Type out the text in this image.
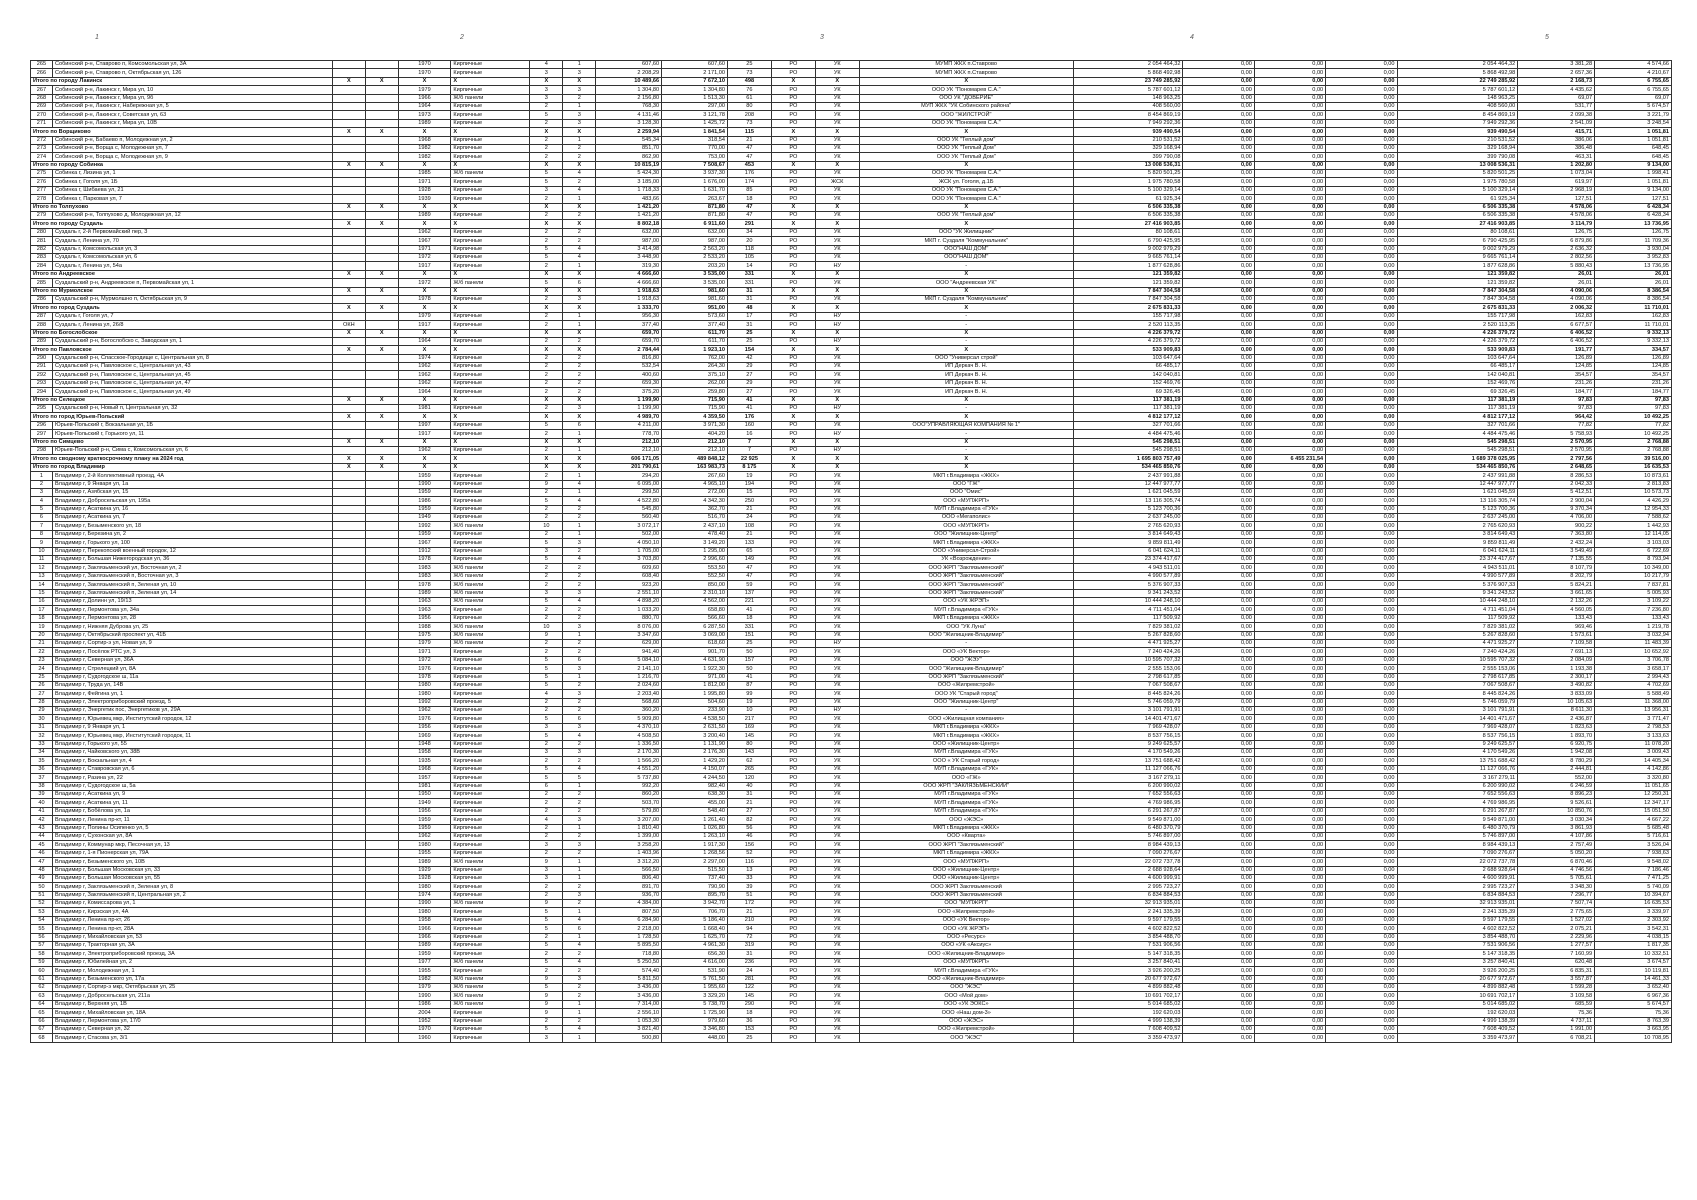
1	2	3	4	5
265	Собинский р-н, Ставрово п, Комсомольская ул, 3А			1970	Кирпичные	4	1	607,60	607,60	25	РО	УК	МУМП ЖКХ п.Ставрово	2 054 464,32	0,00	0,00	0,00	2 054 464,32	3 381,28	4 574,66
266	Собинский р-н, Ставрово п, Октябрьская ул, 126			1970	Кирпичные	3	3	2 208,29	2 171,00	73	РО	УК	МУМП ЖКХ п.Ставрово	5 868 492,98	0,00	0,00	0,00	5 868 492,98	2 657,36	4 210,67
Итого по городу Лакинск		X	X	X	X	X	X	10 489,66	7 672,10	498	X	X	X	23 749 285,92	0,00	0,00	0,00	22 749 285,92	2 168,73	6 755,65
267	Собинский р-н, Лакинск г, Мира ул, 10			1979	Кирпичные	3	3	1 304,80	1 304,80	76	РО	УК	ООО УК "Пономарев С.А."	5 787 601,12	0,00	0,00	0,00	5 787 601,12	4 435,62	6 755,65
268	Собинский р-н, Лакинск г, Мира ул, 9б			1966	Ж/б панели	3	2	2 156,80	1 513,30	61	РО	УК	ООО УК "ДОВЕРИЕ"	148 963,25	0,00	0,00	0,00	148 963,25	69,07	69,07
269	Собинский р-н, Лакинск г, Набережная ул, 5			1964	Кирпичные	2	1	768,30	297,00	80	РО	УК	МУП ЖКХ "УК Собинского района"	408 560,00	0,00	0,00	0,00	408 560,00	531,77	5 674,57
270	Собинский р-н, Лакинск г, Советская ул, 63			1973	Кирпичные	5	3	4 131,46	3 121,78	208	РО	УК	ООО "ЖИЛСТРОЙ"	8 454 869,19	0,00	0,00	0,00	8 454 869,19	2 099,38	3 221,79
271	Собинский р-н, Лакинск г, Мира ул, 10В			1989	Кирпичные	2	3	3 128,30	1 425,72	73	РО	УК	ООО УК "Пономарев С.А."	7 949 292,36	0,00	0,00	0,00	7 949 292,36	2 541,09	3 248,54
Итого по Ворщиково		X	X	X	X	X	X	2 259,94	1 841,54	115	X	X	X	939 490,54	0,00	0,00	0,00	939 490,54	415,71	1 051,81
272	Собинский р-н, Бабаево п, Молодежная ул, 2			1968	Кирпичные	2	1	545,34	318,54	21	РО	УК	ООО УК "Теплый дом"	210 531,52	0,00	0,00	0,00	210 531,52	386,06	1 051,81
273	Собинский р-н, Ворща с, Молодежная ул, 7			1982	Кирпичные	2	2	851,70	770,00	47	РО	УК	ООО УК "Теплый Дом"	329 168,94	0,00	0,00	0,00	329 168,94	386,48	648,45
274	Собинский р-н, Ворща с, Молодежная ул, 9			1982	Кирпичные	2	2	862,90	753,00	47	РО	УК	ООО УК "Теплый Дом"	399 790,08	0,00	0,00	0,00	399 790,08	463,31	648,45
Итого по городу Собинка		X	X	X	X	X	X	10 815,19	7 508,67	453	X	X	X	13 008 536,31	0,00	0,00	0,00	13 008 536,31	1 202,80	9 134,00
275	Собинка г, Лизина ул, 1			1985	Ж/б панели	5	4	5 424,30	3 937,30	176	РО	УК	ООО УК "Пономарев С.А."	5 820 501,25	0,00	0,00	0,00	5 820 501,25	1 073,04	1 998,41
276	Собинка г, Гоголя ул, 1Б			1971	Кирпичные	5	2	3 185,00	1 676,00	174	РО	ЖСК	ЖСК ул. Гоголя, д.1Б	1 975 780,58	0,00	0,00	0,00	1 975 780,58	619,97	1 051,81
277	Собинка г, Шибаева ул, 21			1928	Кирпичные	3	4	1 718,33	1 631,70	85	РО	УК	ООО УК "Пономарев С.А."	5 100 329,14	0,00	0,00	0,00	5 100 329,14	2 968,19	9 134,00
278	Собинка г, Парковая ул, 7			1939	Кирпичные	2	1	483,66	263,67	18	РО	УК	ООО УК "Пономарев С.А."	61 925,34	0,00	0,00	0,00	61 925,34	127,51	127,51
Итого по Толпухово		X	X	X	X	X	X	1 421,20	871,80	47	X	X	X	6 506 335,38	0,00	0,00	0,00	6 506 335,38	4 578,06	6 428,34
279	Собинский р-н, Толпухово д, Молодежная ул, 12			1989	Кирпичные	2	2	1 421,20	871,80	47	РО	УК	ООО УК "Теплый дом"	6 506 335,38	0,00	0,00	0,00	6 506 335,38	4 578,06	6 428,34
Итого по городу Суздаль		X	X	X	X	X	X	8 802,18	6 911,60	291	X	X	X	27 416 903,85	0,00	0,00	0,00	27 416 903,85	3 114,79	13 736,95
280	Суздаль г, 2-й Первомайский пер, 3			1962	Кирпичные	2	2	632,00	632,00	34	РО	УК	ООО "УК Жилищник"	80 108,61	0,00	0,00	0,00	80 108,61	126,75	126,75
281	Суздаль г, Ленина ул, 70			1967	Кирпичные	2	2	987,00	987,00	20	РО	УК	МКП г. Суздаля "Коммунальник"	6 790 425,95	0,00	0,00	0,00	6 790 425,95	6 879,86	11 709,36
282	Суздаль г, Комсомольская ул, 3			1971	Кирпичные	5	4	3 414,98	2 563,20	118	РО	УК	ООО"НАШ ДОМ"	9 002 979,29	0,00	0,00	0,00	9 002 979,29	2 636,32	3 930,04
283	Суздаль г, Комсомольская ул, 6			1972	Кирпичные	5	4	3 448,90	2 533,20	105	РО	УК	ООО"НАШ ДОМ"	9 665 761,14	0,00	0,00	0,00	9 665 761,14	2 802,56	3 952,83
284	Суздаль г, Ленина ул, 54а			1917	Кирпичные	2	1	319,30	203,20	14	РО	НУ	-	1 877 628,86	0,00	0,00	0,00	1 877 628,86	5 880,43	13 736,95
Итого по Андреевское		X	X	X	X	X	X	4 666,60	3 535,00	331	X	X	X	121 359,82	0,00	0,00	0,00	121 359,82	26,01	26,01
285	Суздальский р-н, Андреевское п, Первомайская ул, 1			1972	Ж/б панели	5	6	4 666,60	3 535,00	331	РО	УК	ООО "Андреевская УК"	121 359,82	0,00	0,00	0,00	121 359,82	26,01	26,01
Итого по Мурмолское		X	X	X	X	X	X	1 918,63	981,60	31	X	X	X	7 847 304,58	0,00	0,00	0,00	7 847 304,58	4 090,06	8 386,54
286	Суздальский р-н, Мурмолшно п, Октябрьская ул, 9			1978	Кирпичные	2	3	1 918,63	981,60	31	РО	УК	МКП г. Суздаля "Коммунальник"	7 847 304,58	0,00	0,00	0,00	7 847 304,58	4 090,06	8 386,54
Итого по город Суздаль		X	X	X	X	X	X	1 333,70	951,00	48	X	X	X	2 675 831,33	0,00	0,00	0,00	2 675 831,33	2 006,32	11 710,01
287	Суздаль г, Гоголя ул, 7			1979	Кирпичные	2	1	956,30	573,60	17	РО	НУ	-	155 717,98	0,00	0,00	0,00	155 717,98	162,83	162,83
288	Суздаль г, Ленина ул, 26/8	ОКН		1917	Кирпичные	2	1	377,40	377,40	31	РО	НУ	-	2 520 113,35	0,00	0,00	0,00	2 520 113,35	6 677,57	11 710,01
Итого по Богослобское		X	X	X	X	X	X	659,70	611,70	25	X	X	X	4 226 379,72	0,00	0,00	0,00	4 226 379,72	6 406,52	9 332,13
289	Суздальский р-н, Богослобско с, Заводская ул, 1			1964	Кирпичные	2	2	659,70	611,70	25	РО	НУ	-	4 226 379,72	0,00	0,00	0,00	4 226 379,72	6 406,52	9 332,13
Итого по Павловское		X	X	X	X	X	X	2 784,44	1 923,10	154	X	X	X	533 909,83	0,00	0,00	0,00	533 909,83	191,77	334,57
290	Суздальский р-н, Спасское-Городище с, Центральная ул, 8			1974	Кирпичные	2	2	816,80	762,00	42	РО	УК	ООО "Универсал строй"	103 647,64	0,00	0,00	0,00	103 647,64	126,89	126,89
291	Суздальский р-н, Павловское с, Центральная ул, 43			1962	Кирпичные	2	2	532,54	264,30	29	РО	УК	ИП Деркач В. Н.	66 485,17	0,00	0,00	0,00	66 485,17	124,85	124,85
292	Суздальский р-н, Павловское с, Центральная ул, 45			1962	Кирпичные	2	2	400,60	375,10	27	РО	УК	ИП Деркач В. Н.	142 040,81	0,00	0,00	0,00	142 040,81	354,57	354,57
293	Суздальский р-н, Павловское с, Центральная ул, 47			1962	Кирпичные	2	2	659,30	262,00	29	РО	УК	ИП Деркач В. Н.	152 469,76	0,00	0,00	0,00	152 469,76	231,26	231,26
294	Суздальский р-н, Павловское с, Центральная ул, 49			1964	Кирпичные	2	2	375,20	259,80	27	РО	УК	ИП Деркач В. Н.	69 326,45	0,00	0,00	0,00	69 326,45	184,77	184,77
Итого по Селецкое		X	X	X	X	X	X	1 199,90	715,90	41	X	X	X	117 381,19	0,00	0,00	0,00	117 381,19	97,83	97,83
295	Суздальский р-н, Новый п, Центральная ул, 32			1981	Кирпичные	2	3	1 199,90	715,90	41	РО	НУ	-	117 381,19	0,00	0,00	0,00	117 381,19	97,83	97,83
Итого по город Юрьев-Польский		X	X	X	X	X	X	4 989,70	4 359,50	176	X	X	X	4 812 177,12	0,00	0,00	0,00	4 812 177,12	964,42	10 492,25
296	Юрьев-Польский г, Вокзальная ул, 1Б			1997	Кирпичные	5	6	4 211,00	3 971,30	160	РО	УК	ООО"УПРАВЛЯЮЩАЯ КОМПАНИЯ № 1"	327 701,66	0,00	0,00	0,00	327 701,66	77,82	77,82
297	Юрьев-Польский г, Горького ул, 11			1917	Кирпичные	2	1	778,70	404,20	16	РО	НУ	-	4 484 475,46	0,00	0,00	0,00	4 484 475,46	5 758,93	10 492,25
Итого по Симцево		X	X	X	X	X	X	212,10	212,10	7	X	X	X	545 298,51	0,00	0,00	0,00	545 298,51	2 570,95	2 768,88
298	Юрьев-Польский р-н, Сима с, Комсомольская ул, 6			1962	Кирпичные	2	1	212,10	212,10	7	РО	НУ	-	545 298,51	0,00	0,00	0,00	545 298,51	2 570,95	2 768,88
Итого по сводному краткосрочному плану на 2024 год		X	X	X	X	X	X	606 171,05	489 848,12	22 925	X	X	X	1 695 803 757,49	0,00	6 455 231,54	0,00	1 689 378 025,95	2 797,56	39 516,00
Итого по город Владимир		X	X	X	X	X	X	201 790,61	163 983,73	8 175	X	X	X	534 465 850,76	0,00	0,00	0,00	534 465 850,76	2 648,65	16 635,53
1	Владимир г, 2-й Коллективный проезд, 4А			1959	Кирпичные	2	1	294,20	267,60	19	РО	УК	МКП г.Владимира «ЖКХ»	2 437 991,88	0,00	0,00	0,00	2 437 991,88	8 286,53	10 873,61
2	Владимир г, 9 Января ул, 1а			1990	Кирпичные	9	4	6 095,00	4 965,10	194	РО	УК	ООО "ГЖ"	12 447 977,77	0,00	0,00	0,00	12 447 977,77	2 042,33	2 813,83
3	Владимир г, Азябская ул, 15			1959	Кирпичные	2	1	299,50	272,00	15	РО	УК	ООО "Омис"	1 621 045,59	0,00	0,00	0,00	1 621 045,59	5 412,51	10 573,73
4	Владимир г, Добросельская ул, 195а			1986	Кирпичные	5	4	4 522,80	4 342,30	250	РО	УК	ООО «МУПЖРП»	13 116 305,74	0,00	0,00	0,00	13 116 305,74	2 900,04	4 426,29
5	Владимир г, Асаткина ул, 16			1959	Кирпичные	2	2	545,80	362,70	21	РО	УК	МУП г.Владимира «ГУК»	5 123 700,36	0,00	0,00	0,00	5 123 700,36	9 370,34	12 954,33
6	Владимир г, Асаткина ул, 7			1949	Кирпичные	2	2	560,40	516,70	24	РО	УК	ООО «Мегаполис»	2 637 245,00	0,00	0,00	0,00	2 637 245,00	4 706,00	7 588,62
7	Владимир г, Безыменского ул, 18			1992	Ж/б панели	10	1	3 072,17	2 437,10	108	РО	УК	ООО «МУПЖРП»	2 765 620,93	0,00	0,00	0,00	2 765 620,93	900,22	1 442,93
8	Владимир г, Березина ул, 2			1959	Кирпичные	2	1	502,00	478,40	21	РО	УК	ООО "Жилищник-Центр"	3 814 649,43	0,00	0,00	0,00	3 814 649,43	7 363,80	12 114,05
9	Владимир г, Горького ул, 100			1967	Кирпичные	5	3	4 050,10	3 149,20	133	РО	УК	МКП г.Владимира «ЖКХ»	9 859 811,49	0,00	0,00	0,00	9 859 811,49	2 432,24	3 103,03
10	Владимир г, Перекопский военный городок, 12			1912	Кирпичные	3	2	1 705,00	1 295,00	65	РО	УК	ООО «Универсал-Строй»	6 041 624,11	0,00	0,00	0,00	6 041 624,11	3 549,49	6 722,69
11	Владимир г, Большая Нижегородская ул, 36			1978	Кирпичные	5	4	3 703,80	2 996,60	149	РО	УК	УК «Возрождение»	23 374 417,67	0,00	0,00	0,00	23 374 417,67	7 135,55	8 793,94
12	Владимир г, Заклязьменский ул, Восточная ул, 2			1983	Ж/б панели	2	2	609,60	553,50	47	РО	УК	ООО ЖРП "Заклязьменский"	4 943 511,01	0,00	0,00	0,00	4 943 511,01	8 107,79	10 349,00
13	Владимир г, Заклязьменский п, Восточная ул, 3			1983	Ж/б панели	2	2	608,40	552,50	47	РО	УК	ООО ЖРП "Заклязьменский"	4 990 577,89	0,00	0,00	0,00	4 990 577,89	8 202,79	10 217,79
14	Владимир г, Заклязьменский п, Зеленая ул, 10			1978	Ж/б панели	2	2	923,20	850,00	59	РО	УК	ООО ЖРП "Заклязьменский"	5 376 907,33	0,00	0,00	0,00	5 376 907,33	5 824,21	7 837,81
15	Владимир г, Заклязьменский п, Зеленая ул, 14			1989	Ж/б панели	3	3	2 551,10	2 310,10	137	РО	УК	ООО ЖРП "Заклязьменский"	9 341 243,52	0,00	0,00	0,00	9 341 243,52	3 661,65	5 005,93
16	Владимир г, Долинн ул, 19/13			1963	Ж/б панели	5	4	4 898,20	4 562,00	221	РО	УК	ООО «УК ЖРЭП»	10 444 248,10	0,00	0,00	0,00	10 444 248,10	2 132,26	3 109,22
17	Владимир г, Лермонтова ул, 34а			1963	Кирпичные	2	2	1 033,20	658,80	41	РО	УК	МУП г.Владимира «ГУК»	4 711 451,04	0,00	0,00	0,00	4 711 451,04	4 560,05	7 236,80
18	Владимир г, Лермонтова ул, 28			1956	Кирпичные	2	2	880,70	566,60	18	РО	УК	МКП г.Владимира «ЖКХ»	117 509,92	0,00	0,00	0,00	117 509,92	133,43	133,43
19	Владимир г, Нижняя Дуброва ул, 25			1988	Ж/б панели	10	3	8 076,00	6 287,50	331	РО	УК	ООО "УК Луна"	7 829 381,02	0,00	0,00	0,00	7 829 381,02	969,46	1 219,78
20	Владимир г, Октябрьский проспект ул, 41Б			1975	Ж/б панели	9	1	3 347,60	3 069,00	151	РО	УК	ООО "Жилищник-Владимир"	5 267 828,60	0,00	0,00	0,00	5 267 828,60	1 573,61	3 032,94
21	Владимир г, Сортир-э ул, Новая ул, 9			1979	Ж/б панели	2	2	629,00	618,60	25	РО	НУ	-	4 471 925,27	0,00	0,00	0,00	4 471 925,27	7 109,58	11 483,39
22	Владимир г, Посёлок РТС ул, 3			1971	Кирпичные	2	2	941,40	901,70	50	РО	УК	ООО «УК Вектор»	7 240 424,26	0,00	0,00	0,00	7 240 424,26	7 691,13	10 652,92
23	Владимир г, Северная ул, 36А			1972	Кирпичные	5	6	5 084,10	4 631,90	157	РО	УК	ООО "ЖЭУ"	10 595 707,32	0,00	0,00	0,00	10 595 707,32	2 084,09	3 706,78
24	Владимир г, Стрелецкий ул, 8А			1976	Кирпичные	5	3	2 141,10	1 922,30	50	РО	УК	ООО "Жилищник-Владимир"	2 555 153,06	0,00	0,00	0,00	2 555 153,06	1 193,38	3 658,17
25	Владимир г, Судогодское ш, 11а			1978	Кирпичные	5	1	1 216,70	971,00	41	РО	УК	ООО ЖРП "Заклязьменский"	2 798 617,85	0,00	0,00	0,00	2 798 617,85	2 300,17	2 994,43
26	Владимир г, Труда ул, 14В			1980	Кирпичные	5	2	2 024,60	1 812,00	87	РО	УК	ООО «Жилремстрой»	7 067 508,67	0,00	0,00	0,00	7 067 508,67	3 490,82	4 702,69
27	Владимир г, Фейгина ул, 1			1980	Кирпичные	4	3	2 203,40	1 995,80	99	РО	УК	ООО УК "Старый город"	8 445 824,26	0,00	0,00	0,00	8 445 824,26	3 833,09	5 588,49
28	Владимир г, Электроприборовский проезд, 5			1992	Кирпичные	2	2	568,60	504,60	19	РО	УК	ООО "Жилищник-Центр"	5 746 059,79	0,00	0,00	0,00	5 746 059,79	10 105,63	11 368,00
29	Владимир г, Энергетик пос, Энергетиков ул, 29А			1962	Кирпичные	2	2	360,20	233,90	10	РО	НУ	-	3 101 791,91	0,00	0,00	0,00	3 101 791,91	8 611,30	13 956,31
30	Владимир г, Юрьевец мкр, Институтский городок, 12			1976	Кирпичные	5	6	5 909,80	4 538,50	217	РО	УК	ООО «Жилищная компания»	14 401 471,67	0,00	0,00	0,00	14 401 471,67	2 436,87	3 771,47
31	Владимир г, 9 Января ул, 1			1956	Кирпичные	3	3	4 370,10	2 631,50	169	РО	УК	МКП г.Владимира «ЖКХ»	7 969 428,07	0,00	0,00	0,00	7 969 428,07	1 823,63	2 798,53
32	Владимир г, Юрьевец мкр, Институтский городок, 11			1969	Кирпичные	5	4	4 508,50	3 200,40	145	РО	УК	МКП г.Владимира «ЖКХ»	8 537 756,15	0,00	0,00	0,00	8 537 756,15	1 893,70	3 133,63
33	Владимир г, Горького ул, 55			1948	Кирпичные	2	2	1 336,50	1 131,90	80	РО	УК	ООО «Жилищник-Центр»	9 249 625,57	0,00	0,00	0,00	9 249 625,57	6 920,75	11 078,20
34	Владимир г, Чайковского ул, 38В			1958	Кирпичные	3	3	2 170,30	2 176,30	143	РО	УК	МУП г.Владимира «ГУК»	4 170 549,26	0,00	0,00	0,00	4 170 549,26	1 942,08	3 009,43
35	Владимир г, Вокзальная ул, 4			1935	Кирпичные	2	2	1 566,20	1 429,20	62	РО	УК	ООО « УК Старый город»	13 751 688,42	0,00	0,00	0,00	13 751 688,42	8 780,29	14 405,34
36	Владимир г, Ставровская ул, 6			1968	Кирпичные	5	4	4 551,20	4 150,07	265	РО	УК	МУП г.Владимира «ГУК»	11 127 066,76	0,00	0,00	0,00	11 127 066,76	2 444,81	4 142,86
37	Владимир г, Разина ул, 22			1957	Кирпичные	5	5	5 737,80	4 244,50	120	РО	УК	ООО «ГЖ»	3 167 279,11	0,00	0,00	0,00	3 167 279,11	552,00	3 320,80
38	Владимир г, Судогодское ш, 5а			1981	Кирпичные	6	1	992,20	982,40	40	РО	УК	ООО ЖРП "ЗАКЛЯЗЬМЕНСКИЙ"	6 200 990,02	0,00	0,00	0,00	6 200 990,02	6 246,59	11 051,65
39	Владимир г, Асаткина ул, 9			1950	Кирпичные	2	2	860,20	638,30	31	РО	УК	МУП г.Владимира «ГУК»	7 652 556,63	0,00	0,00	0,00	7 652 556,63	8 896,23	12 250,31
40	Владимир г, Асаткина ул, 11			1949	Кирпичные	2	2	503,70	455,00	21	РО	УК	МУП г.Владимира «ГУК»	4 769 986,95	0,00	0,00	0,00	4 769 986,95	9 526,61	12 347,17
41	Владимир г, Бобёлова ул, 1а			1956	Кирпичные	2	2	579,80	548,40	27	РО	УК	МУП г.Владимира «ГУК»	6 291 267,87	0,00	0,00	0,00	6 291 267,87	10 850,76	15 051,50
42	Владимир г, Ленина пр-кт, 11			1959	Кирпичные	4	3	3 207,00	1 261,40	82	РО	УК	ООО «ЖЭС»	9 549 871,00	0,00	0,00	0,00	9 549 871,00	3 030,34	4 667,22
43	Владимир г, Полины Осипенко ул, 5			1959	Кирпичные	2	1	1 810,40	1 026,80	56	РО	УК	МКП г.Владимира «ЖКХ»	6 480 370,79	0,00	0,00	0,00	6 480 370,79	3 861,93	5 685,48
44	Владимир г, Сухонская ул, 8А			1962	Кирпичные	2	2	1 399,00	1 263,10	46	РО	УК	ООО «Кварта»	5 746 897,00	0,00	0,00	0,00	5 746 897,00	4 107,86	5 716,61
45	Владимир г, Коммунар мкр, Песочная ул, 13			1980	Кирпичные	3	3	3 258,20	1 917,30	156	РО	УК	ООО ЖРП "Заклязьменский"	8 984 439,13	0,00	0,00	0,00	8 984 439,13	2 757,49	3 526,04
46	Владимир г, 1-я Пионерская ул, 79А			1955	Кирпичные	2	2	1 403,96	1 268,56	52	РО	УК	МКП г.Владимира «ЖКХ»	7 090 276,67	0,00	0,00	0,00	7 090 276,67	5 050,20	7 938,63
47	Владимир г, Безыменского ул, 10В			1989	Ж/б панели	9	1	3 312,20	2 297,00	116	РО	УК	ООО «МУПЖРП»	22 072 737,78	0,00	0,00	0,00	22 072 737,78	6 870,46	9 548,02
48	Владимир г, Большая Московская ул, 33			1929	Кирпичные	3	1	566,50	515,50	13	РО	УК	ООО «Жилищник-Центр»	2 688 928,64	0,00	0,00	0,00	2 688 928,64	4 746,56	7 186,46
49	Владимир г, Большая Московская ул, 55			1928	Кирпичные	3	1	806,40	737,40	33	РО	УК	ООО «Жилищник-Центр»	4 600 999,91	0,00	0,00	0,00	4 600 999,91	5 705,61	7 471,25
50	Владимир г, Заклязьменский п, Зеленая ул, 8			1980	Кирпичные	2	2	891,70	790,90	39	РО	УК	ООО ЖРП Заклязьменский	2 995 723,27	0,00	0,00	0,00	2 995 723,27	3 348,30	5 740,09
51	Владимир г, Заклязьменский п, Центральная ул, 2			1974	Кирпичные	2	3	936,70	895,70	51	РО	УК	ООО ЖРП Заклязьменский	6 834 884,53	0,00	0,00	0,00	6 834 884,53	7 296,77	10 394,67
52	Владимир г, Комиссарова ул, 1			1990	Ж/б панели	9	2	4 384,00	3 942,70	172	РО	УК	ООО "МУПЖРП"	32 913 935,01	0,00	0,00	0,00	32 913 935,01	7 507,74	16 635,53
53	Владимир г, Кирзская ул, 4А			1980	Кирпичные	5	1	807,50	706,70	21	РО	УК	ООО «Жилремстрой»	2 241 335,39	0,00	0,00	0,00	2 241 335,39	2 775,65	3 339,97
54	Владимир г, Ленина пр-кт, 26			1958	Кирпичные	5	4	6 284,90	5 186,40	210	РО	УК	ООО «УК Вектор»	9 597 179,55	0,00	0,00	0,00	9 597 179,55	1 527,02	2 303,92
55	Владимир г, Ленина пр-кт, 28А			1966	Кирпичные	5	6	2 218,00	1 668,40	94	РО	УК	ООО «УК ЖРЭП»	4 602 822,52	0,00	0,00	0,00	4 602 822,52	2 075,21	3 542,31
56	Владимир г, Михайловская ул, 53			1966	Кирпичные	2	1	1 728,50	1 625,70	72	РО	УК	ООО «Ресурс»	3 854 488,70	0,00	0,00	0,00	3 854 488,70	2 229,96	4 038,15
57	Владимир г, Тракторная ул, 3А			1989	Кирпичные	5	4	5 895,50	4 961,30	319	РО	УК	ООО «УК «Аксиус»	7 531 906,56	0,00	0,00	0,00	7 531 906,56	1 277,57	1 817,35
58	Владимир г, Электроприборовский проезд, 3А			1959	Кирпичные	2	2	718,80	656,30	31	РО	УК	ООО «Жилищник-Владимир»	5 147 318,35	0,00	0,00	0,00	5 147 318,35	7 160,99	10 332,51
59	Владимир г, Юбилейная ул, 2			1977	Ж/б панели	5	4	5 250,50	4 616,00	236	РО	УК	ООО «МУПЖРП»	3 257 840,41	0,00	0,00	0,00	3 257 840,41	620,48	3 674,57
60	Владимир г, Молодежная ул, 1			1955	Кирпичные	2	2	574,40	531,90	24	РО	УК	МУП г.Владимира «ГУК»	3 926 200,25	0,00	0,00	0,00	3 926 200,25	6 835,31	10 119,81
61	Владимир г, Безыменского ул, 17а			1982	Ж/б панели	9	3	5 811,50	5 761,50	281	РО	УК	ООО «Жилищник-Владимир»	20 677 972,67	0,00	0,00	0,00	20 677 972,67	3 557,87	14 461,33
62	Владимир г, Сортир-э мкр, Октябрьская ул, 25			1979	Ж/б панели	5	2	3 436,00	1 955,60	122	РО	УК	ООО "ЖЭС"	4 899 882,48	0,00	0,00	0,00	4 899 882,48	1 599,28	3 652,40
63	Владимир г, Добросельская ул, 211а			1990	Ж/б панели	9	2	3 436,00	3 329,20	145	РО	УК	ООО «Мой дом»	10 691 702,17	0,00	0,00	0,00	10 691 702,17	3 109,58	6 967,36
64	Владимир г, Верхняя ул, 1В			1986	Ж/б панели	9	1	7 314,00	5 738,70	290	РО	УК	ООО «УК ЭОКС»	5 014 685,02	0,00	0,00	0,00	5 014 685,02	685,59	5 674,57
65	Владимир г, Михайловская ул, 18А			2004	Кирпичные	9	1	2 556,10	1 725,90	18	РО	УК	ООО «Наш дом-3»	192 620,03	0,00	0,00	0,00	192 620,03	75,36	75,36
66	Владимир г, Лермонтова ул, 17/0			1952	Кирпичные	2	2	1 053,30	979,60	36	РО	УК	ООО «ЖЭС»	4 999 138,39	0,00	0,00	0,00	4 999 138,39	4 737,11	8 763,39
67	Владимир г, Северная ул, 32			1970	Кирпичные	5	4	3 821,40	3 346,80	153	РО	УК	ООО «Жилремстрой»	7 608 409,52	0,00	0,00	0,00	7 608 409,52	1 991,00	3 663,95
68	Владимир г, Стасова ул, 3/1			1960	Кирпичные	3	1	500,80	448,00	25	РО	УК	ООО "ЖЭС"	3 359 473,97	0,00	0,00	0,00	3 359 473,97	6 708,21	10 708,95
